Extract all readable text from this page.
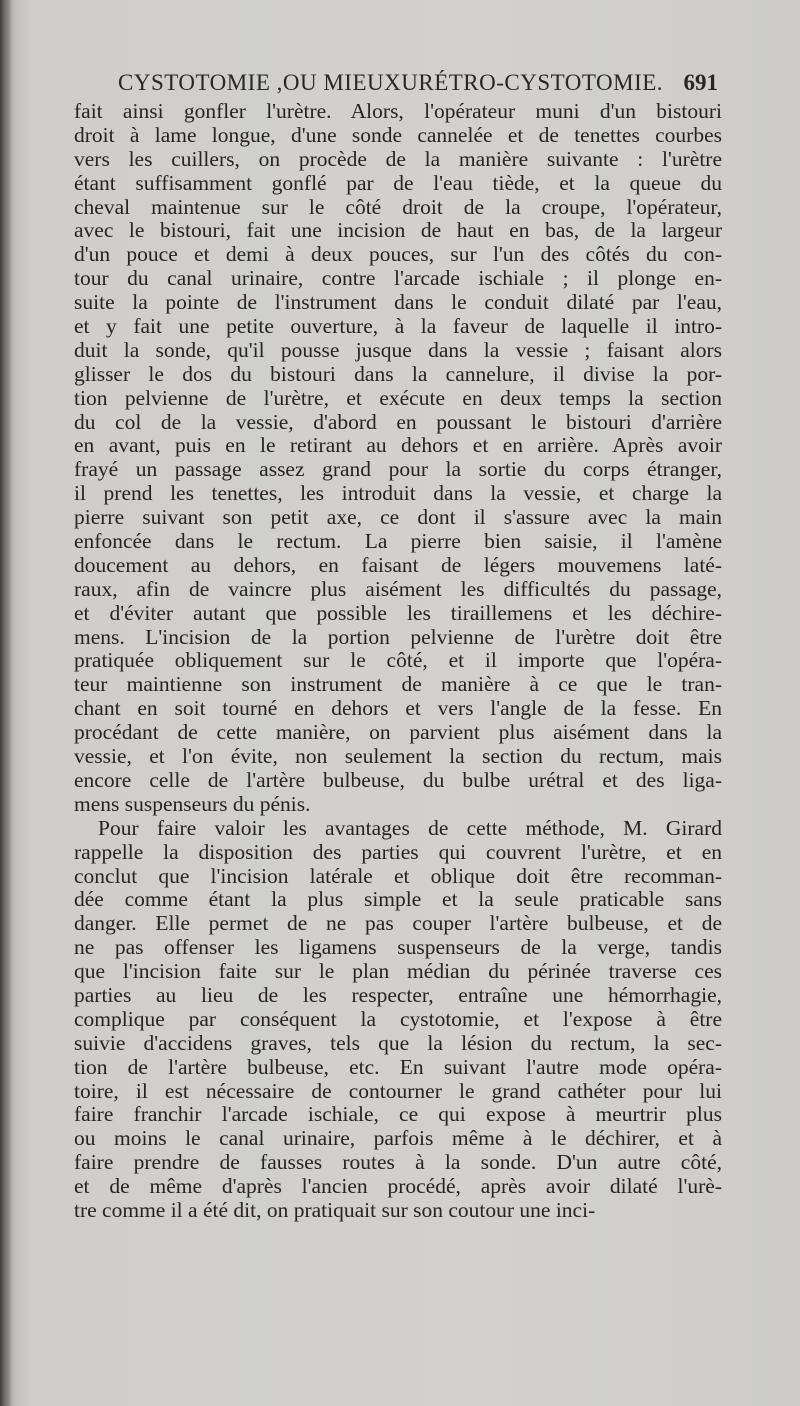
CYSTOTOMIE ,OU MIEUXURÉTRO-CYSTOTOMIE. 691
fait ainsi gonfler l'urètre. Alors, l'opérateur muni d'un bistouri
droit à lame longue, d'une sonde cannelée et de tenettes courbes
vers les cuillers, on procède de la manière suivante : l'urètre
étant suffisamment gonflé par de l'eau tiède, et la queue du
cheval maintenue sur le côté droit de la croupe, l'opérateur,
avec le bistouri, fait une incision de haut en bas, de la largeur
d'un pouce et demi à deux pouces, sur l'un des côtés du con-
tour du canal urinaire, contre l'arcade ischiale ; il plonge en-
suite la pointe de l'instrument dans le conduit dilaté par l'eau,
et y fait une petite ouverture, à la faveur de laquelle il intro-
duit la sonde, qu'il pousse jusque dans la vessie ; faisant alors
glisser le dos du bistouri dans la cannelure, il divise la por-
tion pelvienne de l'urètre, et exécute en deux temps la section
du col de la vessie, d'abord en poussant le bistouri d'arrière
en avant, puis en le retirant au dehors et en arrière. Après avoir
frayé un passage assez grand pour la sortie du corps étranger,
il prend les tenettes, les introduit dans la vessie, et charge la
pierre suivant son petit axe, ce dont il s'assure avec la main
enfoncée dans le rectum. La pierre bien saisie, il l'amène
doucement au dehors, en faisant de légers mouvemens laté-
raux, afin de vaincre plus aisément les difficultés du passage,
et d'éviter autant que possible les tiraillemens et les déchire-
mens. L'incision de la portion pelvienne de l'urètre doit être
pratiquée obliquement sur le côté, et il importe que l'opéra-
teur maintienne son instrument de manière à ce que le tran-
chant en soit tourné en dehors et vers l'angle de la fesse. En
procédant de cette manière, on parvient plus aisément dans la
vessie, et l'on évite, non seulement la section du rectum, mais
encore celle de l'artère bulbeuse, du bulbe urétral et des liga-
mens suspenseurs du pénis.
Pour faire valoir les avantages de cette méthode, M. Girard
rappelle la disposition des parties qui couvrent l'urètre, et en
conclut que l'incision latérale et oblique doit être recomman-
dée comme étant la plus simple et la seule praticable sans
danger. Elle permet de ne pas couper l'artère bulbeuse, et de
ne pas offenser les ligamens suspenseurs de la verge, tandis
que l'incision faite sur le plan médian du périnée traverse ces
parties au lieu de les respecter, entraîne une hémorrhagie,
complique par conséquent la cystotomie, et l'expose à être
suivie d'accidens graves, tels que la lésion du rectum, la sec-
tion de l'artère bulbeuse, etc. En suivant l'autre mode opéra-
toire, il est nécessaire de contourner le grand cathéter pour lui
faire franchir l'arcade ischiale, ce qui expose à meurtrir plus
ou moins le canal urinaire, parfois même à le déchirer, et à
faire prendre de fausses routes à la sonde. D'un autre côté,
et de même d'après l'ancien procédé, après avoir dilaté l'urè-
tre comme il a été dit, on pratiquait sur son coutour une inci-
